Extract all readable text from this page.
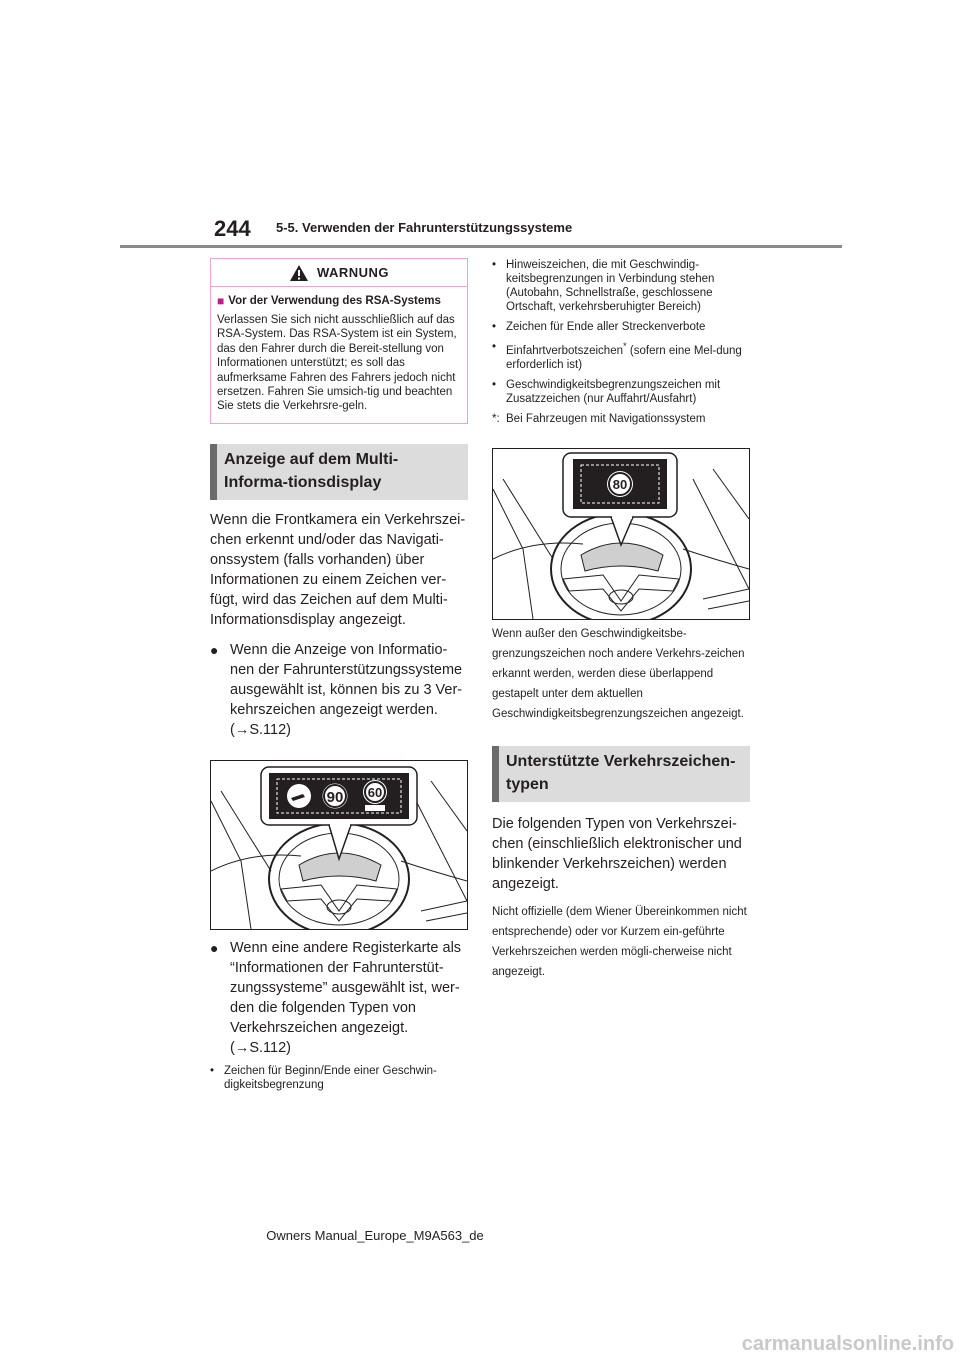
244 5-5. Verwenden der Fahrunterstützungssysteme
WARNUNG
■ Vor der Verwendung des RSA-Systems
Verlassen Sie sich nicht ausschließlich auf das RSA-System. Das RSA-System ist ein System, das den Fahrer durch die Bereit-stellung von Informationen unterstützt; es soll das aufmerksame Fahren des Fahrers jedoch nicht ersetzen. Fahren Sie umsich-tig und beachten Sie stets die Verkehrsre-geln.
Anzeige auf dem Multi-Informa-tionsdisplay
Wenn die Frontkamera ein Verkehrszei-chen erkennt und/oder das Navigati-onssystem (falls vorhanden) über Informationen zu einem Zeichen ver-fügt, wird das Zeichen auf dem Multi-Informationsdisplay angezeigt.
● Wenn die Anzeige von Informatio-nen der Fahrunterstützungssysteme ausgewählt ist, können bis zu 3 Ver-kehrszeichen angezeigt werden.
(→S.112)
90 60
● Wenn eine andere Registerkarte als “Informationen der Fahrunterstüt-zungssysteme” ausgewählt ist, wer-den die folgenden Typen von Verkehrszeichen angezeigt.
(→S.112)
• Zeichen für Beginn/Ende einer Geschwin-digkeitsbegrenzung
• Hinweiszeichen, die mit Geschwindig-keitsbegrenzungen in Verbindung stehen (Autobahn, Schnellstraße, geschlossene Ortschaft, verkehrsberuhigter Bereich)
• Zeichen für Ende aller Streckenverbote
• Einfahrtverbotszeichen* (sofern eine Mel-dung erforderlich ist)
• Geschwindigkeitsbegrenzungszeichen mit Zusatzzeichen (nur Auffahrt/Ausfahrt)
*: Bei Fahrzeugen mit Navigationssystem
80
Wenn außer den Geschwindigkeitsbe-grenzungszeichen noch andere Verkehrs-zeichen erkannt werden, werden diese überlappend gestapelt unter dem aktuellen Geschwindigkeitsbegrenzungszeichen angezeigt.
Unterstützte Verkehrszeichen-typen
Die folgenden Typen von Verkehrszei-chen (einschließlich elektronischer und blinkender Verkehrszeichen) werden angezeigt.
Nicht offizielle (dem Wiener Übereinkommen nicht entsprechende) oder vor Kurzem ein-geführte Verkehrszeichen werden mögli-cherweise nicht angezeigt.
Owners Manual_Europe_M9A563_de
carmanualsonline.info
